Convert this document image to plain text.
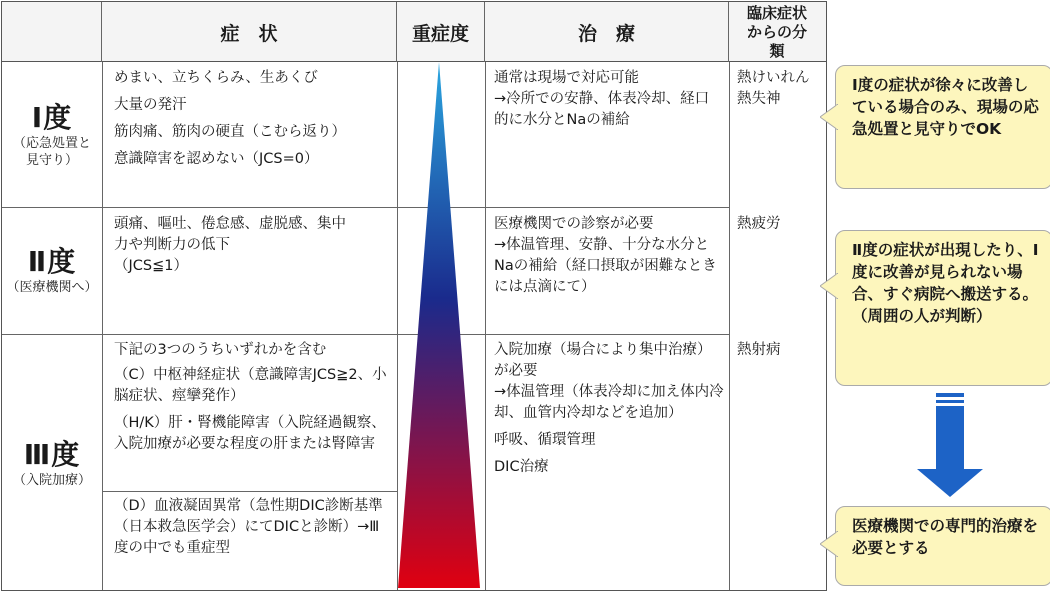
症　状	重症度	治　療
臨床症状からの分類
Ⅰ度
（応急処置と見守り）

めまい、立ちくらみ、生あくび

大量の発汗

筋肉痛、筋肉の硬直（こむら返り）

意識障害を認めない（JCS=0）

通常は現場で対応可能

→冷所での安静、体表冷却、経口的に水分とNaの補給

熱けいれん

熱失神

Ⅱ度
（医療機関へ）

頭痛、嘔吐、倦怠感、虚脱感、集中力や判断力の低下

（JCS≦1）

医療機関での診察が必要

→体温管理、安静、十分な水分とNaの補給（経口摂取が困難なときには点滴にて）

熱疲労

Ⅲ度
（入院加療）

下記の3つのうちいずれかを含む

（C）中枢神経症状（意識障害JCS≧2、小脳症状、痙攣発作）

（H/K）肝・腎機能障害（入院経過観察、入院加療が必要な程度の肝または腎障害

（D）血液凝固異常（急性期DIC診断基準（日本救急医学会）にてDICと診断）→Ⅲ度の中でも重症型

入院加療（場合により集中治療）が必要

→体温管理（体表冷却に加え体内冷却、血管内冷却などを追加）

呼吸、循環管理

DIC治療

熱射病

Ⅰ度の症状が徐々に改善している場合のみ、現場の応急処置と見守りでOK
Ⅱ度の症状が出現したり、Ⅰ度に改善が見られない場合、すぐ病院へ搬送する。（周囲の人が判断）
医療機関での専門的治療を必要とする
